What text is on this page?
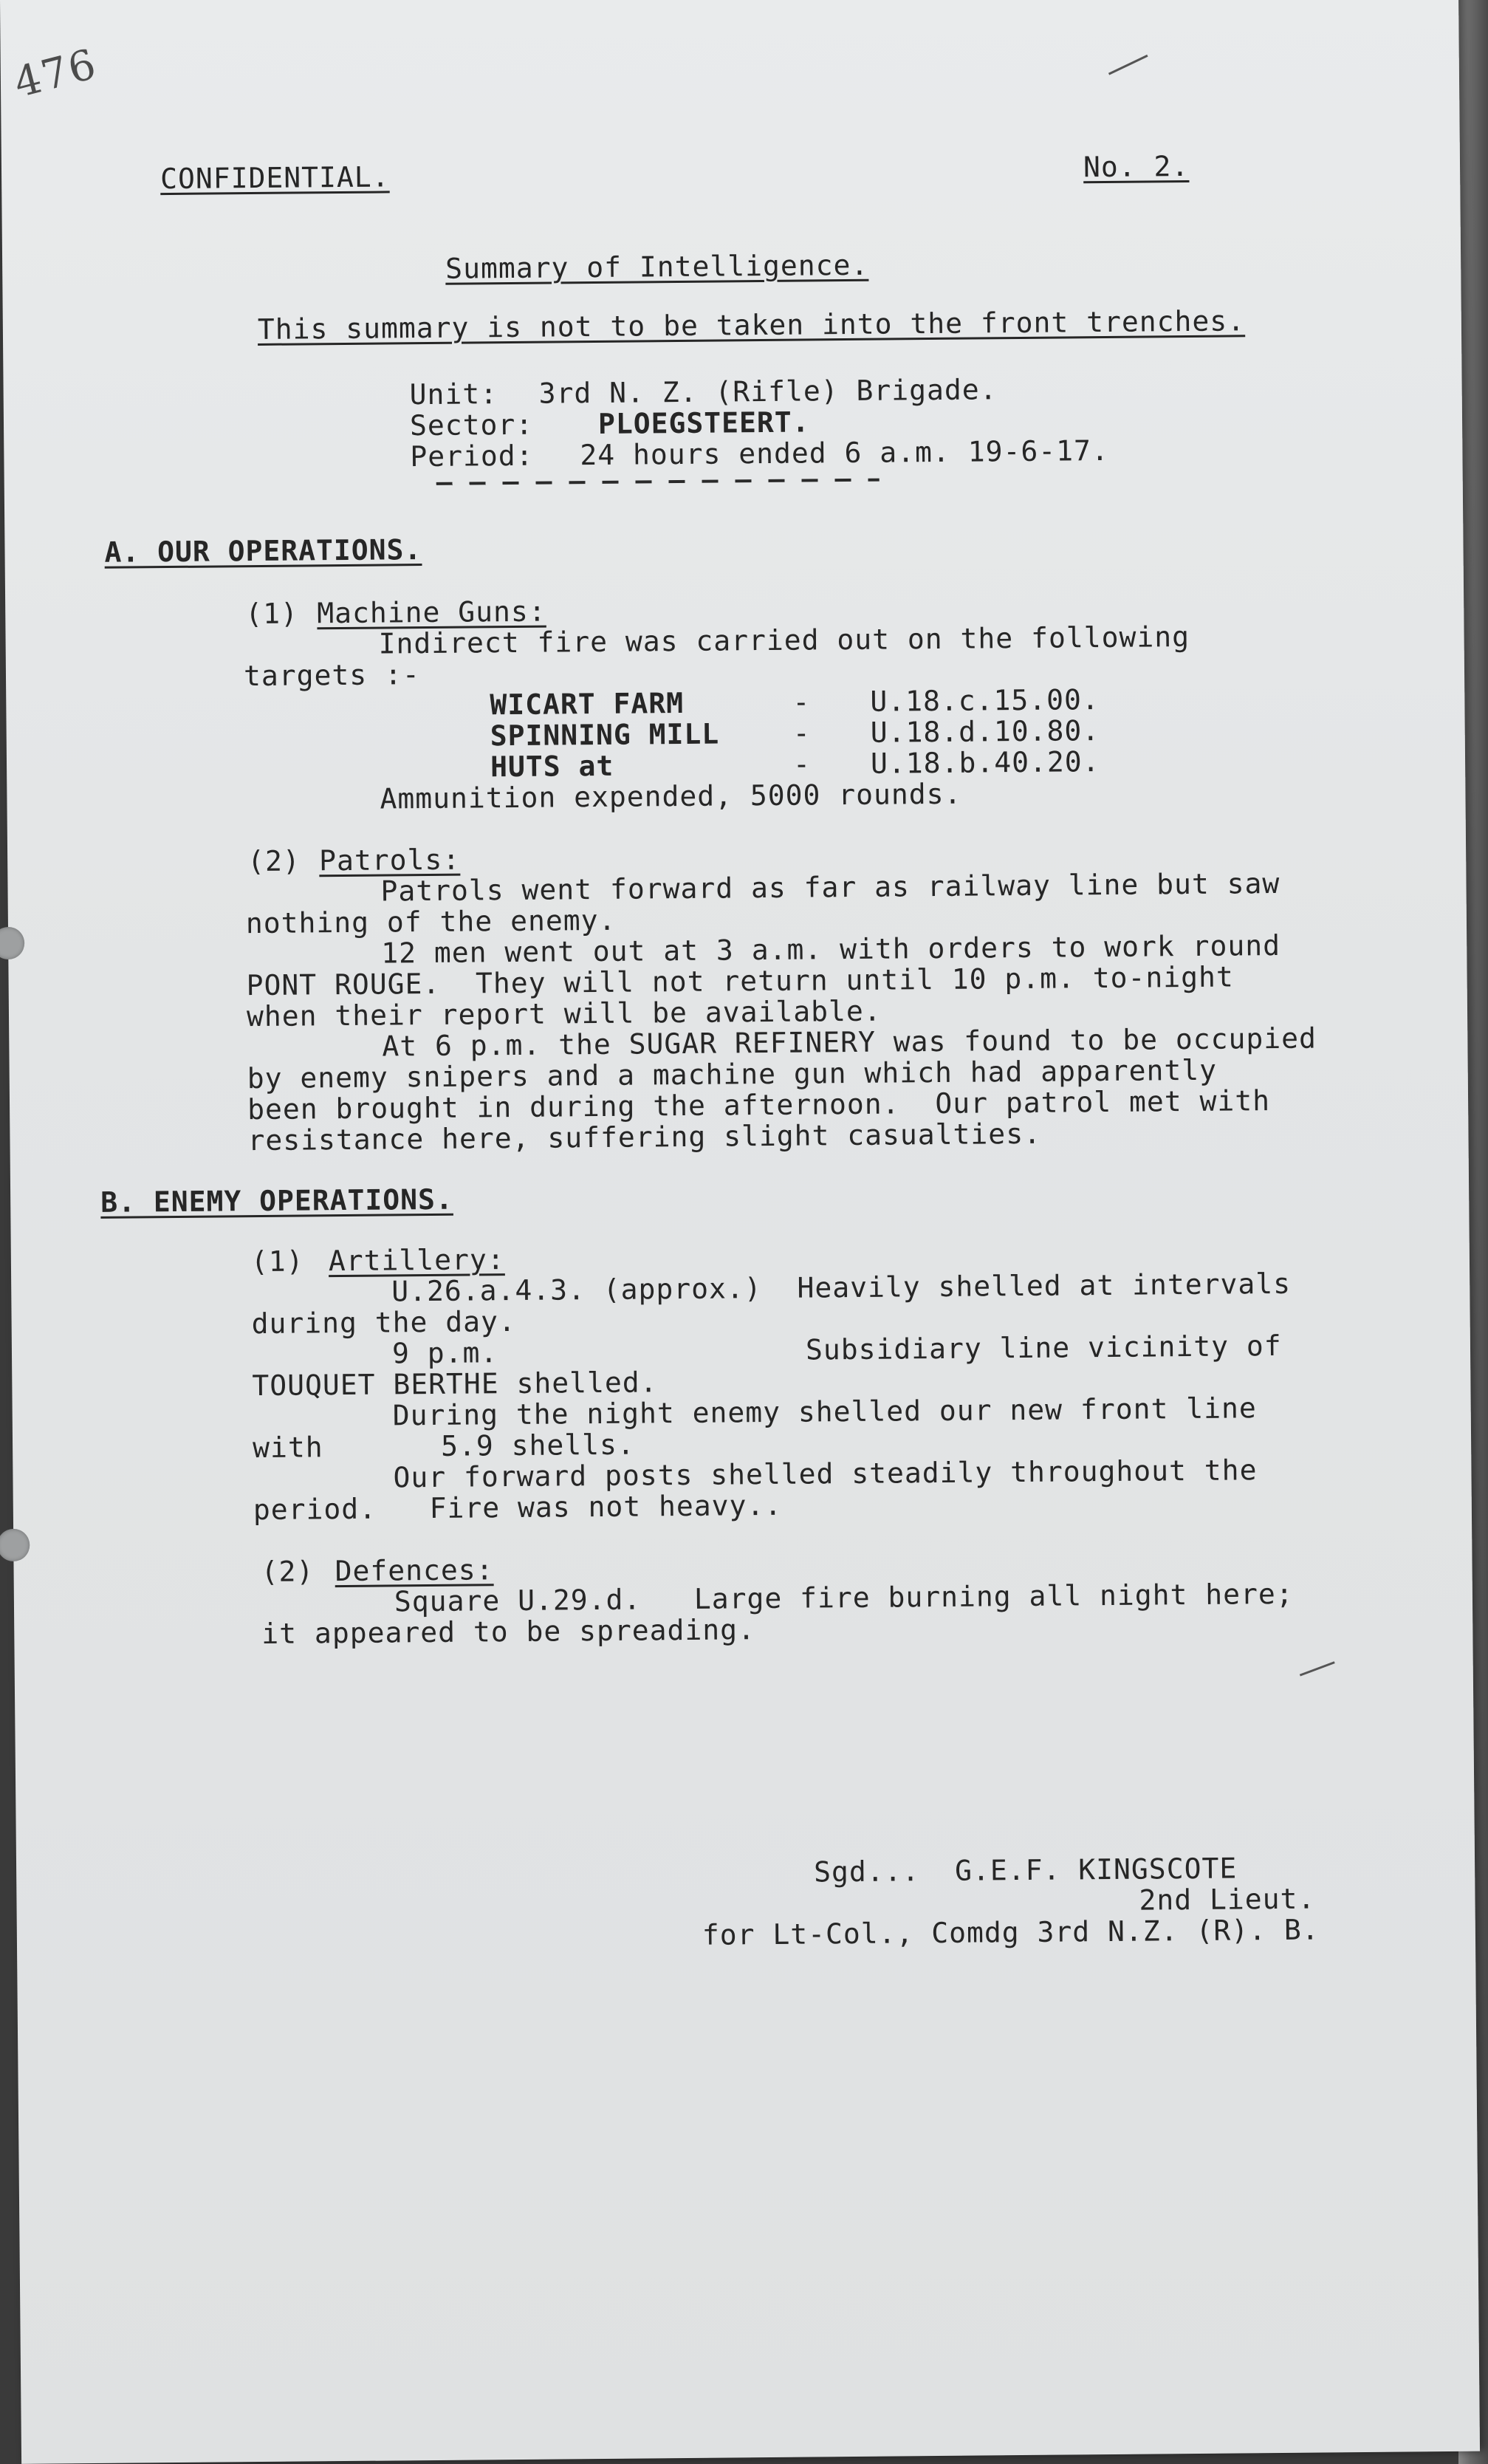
476
CONFIDENTIAL.	No. 2.
Summary of Intelligence.
This summary is not to be taken into the front trenches.
Unit: 3rd N. Z. (Rifle) Brigade.
Sector: PLOEGSTEERT.
Period: 24 hours ended 6 a.m. 19-6-17.
A. OUR OPERATIONS.
(1) Machine Guns:
Indirect fire was carried out on the following
targets :-
WICART FARM	- U.18.c.15.00.
SPINNING MILL	- U.18.d.10.80.
HUTS at	- U.18.b.40.20.
Ammunition expended, 5000 rounds.
(2) Patrols:
Patrols went forward as far as railway line but saw
nothing of the enemy.
12 men went out at 3 a.m. with orders to work round
PONT ROUGE.  They will not return until 10 p.m. to-night
when their report will be available.
At 6 p.m. the SUGAR REFINERY was found to be occupied
by enemy snipers and a machine gun which had apparently
been brought in during the afternoon.  Our patrol met with
resistance here, suffering slight casualties.
B. ENEMY OPERATIONS.
(1) Artillery:
U.26.a.4.3. (approx.)  Heavily shelled at intervals
during the day.
9 p.m.	Subsidiary line vicinity of
TOUQUET BERTHE shelled.
During the night enemy shelled our new front line
with	5.9 shells.
Our forward posts shelled steadily throughout the
period.   Fire was not heavy..
(2) Defences:
Square U.29.d.   Large fire burning all night here;
it appeared to be spreading.
Sgd...  G.E.F. KINGSCOTE
2nd Lieut.
for Lt-Col., Comdg 3rd N.Z. (R). B.
